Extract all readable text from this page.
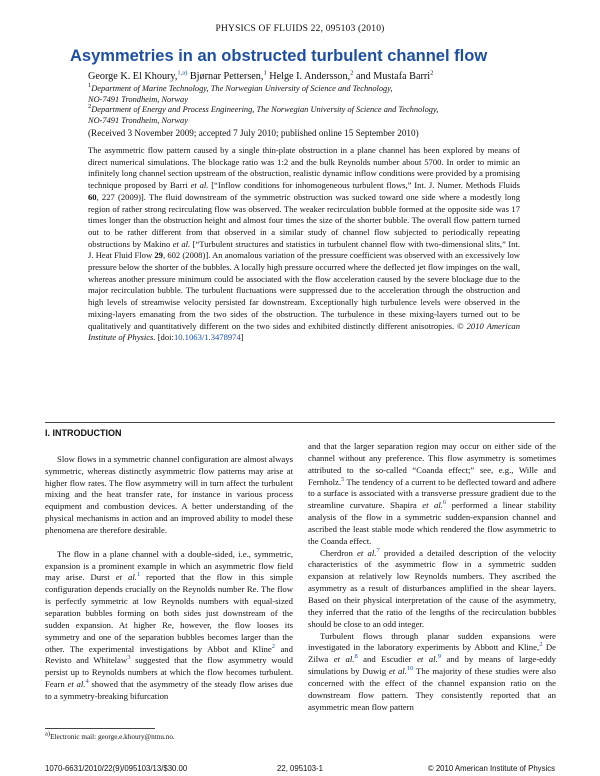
PHYSICS OF FLUIDS 22, 095103 (2010)
Asymmetries in an obstructed turbulent channel flow
George K. El Khoury,$^{1,a)}$ Bjørnar Pettersen,$^1$ Helge I. Andersson,$^2$ and Mustafa Barri$^2$
$^1$Department of Marine Technology, The Norwegian University of Science and Technology,
NO-7491 Trondheim, Norway
$^2$Department of Energy and Process Engineering, The Norwegian University of Science and Technology,
NO-7491 Trondheim, Norway
(Received 3 November 2009; accepted 7 July 2010; published online 15 September 2010)
The asymmetric flow pattern caused by a single thin-plate obstruction in a plane channel has been explored by means of direct numerical simulations. The blockage ratio was 1:2 and the bulk Reynolds number about 5700. In order to mimic an infinitely long channel section upstream of the obstruction, realistic dynamic inflow conditions were provided by a promising technique proposed by Barri et al. [“Inflow conditions for inhomogeneous turbulent flows,” Int. J. Numer. Methods Fluids 60, 227 (2009)]. The fluid downstream of the symmetric obstruction was sucked toward one side where a modestly long region of rather strong recirculating flow was observed. The weaker recirculation bubble formed at the opposite side was 17 times longer than the obstruction height and almost four times the size of the shorter bubble. The overall flow pattern turned out to be rather different from that observed in a similar study of channel flow subjected to periodically repeating obstructions by Makino et al. [“Turbulent structures and statistics in turbulent channel flow with two-dimensional slits,” Int. J. Heat Fluid Flow 29, 602 (2008)]. An anomalous variation of the pressure coefficient was observed with an excessively low pressure below the shorter of the bubbles. A locally high pressure occurred where the deflected jet flow impinges on the wall, whereas another pressure minimum could be associated with the flow acceleration caused by the severe blockage due to the major recirculation bubble. The turbulent fluctuations were suppressed due to the acceleration through the obstruction and high levels of streamwise velocity persisted far downstream. Exceptionally high turbulence levels were observed in the mixing-layers emanating from the two sides of the obstruction. The turbulence in these mixing-layers turned out to be qualitatively and quantitatively different on the two sides and exhibited distinctly different anisotropies. © 2010 American Institute of Physics. [doi:10.1063/1.3478974]
I. INTRODUCTION

Slow flows in a symmetric channel configuration are almost always symmetric, whereas distinctly asymmetric flow patterns may arise at higher flow rates. The flow asymmetry will in turn affect the turbulent mixing and the heat transfer rate, for instance in various process equipment and combustion devices. A better understanding of the physical mechanisms in action and an improved ability to model these phenomena are therefore desirable.

The flow in a plane channel with a double-sided, i.e., symmetric, expansion is a prominent example in which an asymmetric flow field may arise. Durst et al.$^1$ reported that the flow in this simple configuration depends crucially on the Reynolds number Re. The flow is perfectly symmetric at low Reynolds numbers with equal-sized separation bubbles forming on both sides just downstream of the sudden expansion. At higher Re, however, the flow looses its symmetry and one of the separation bubbles becomes larger than the other. The experimental investigations by Abbot and Kline$^2$ and Revisto and Whitelaw$^3$ suggested that the flow asymmetry would persist up to Reynolds numbers at which the flow becomes turbulent. Fearn et al.$^4$ showed that the asymmetry of the steady flow arises due to a symmetry-breaking bifurcation

and that the larger separation region may occur on either side of the channel without any preference. This flow asymmetry is sometimes attributed to the so-called “Coanda effect;” see, e.g., Wille and Fernholz.$^5$ The tendency of a current to be deflected toward and adhere to a surface is associated with a transverse pressure gradient due to the streamline curvature. Shapira et al.$^6$ performed a linear stability analysis of the flow in a symmetric sudden-expansion channel and ascribed the least stable mode which rendered the flow asymmetric to the Coanda effect.

Cherdron et al.$^7$ provided a detailed description of the velocity characteristics of the asymmetric flow in a symmetric sudden expansion at relatively low Reynolds numbers. They ascribed the asymmetry as a result of disturbances amplified in the shear layers. Based on their physical interpretation of the cause of the asymmetry, they inferred that the ratio of the lengths of the recirculation bubbles should be close to an odd integer.

Turbulent flows through planar sudden expansions were investigated in the laboratory experiments by Abbott and Kline,$^2$ De Zilwa et al.$^8$ and Escudier et al.$^9$ and by means of large-eddy simulations by Duwig et al.$^{10}$ The majority of these studies were also concerned with the effect of the channel expansion ratio on the downstream flow pattern. They consistently reported that an asymmetric mean flow pattern

a)Electronic mail: george.e.khoury@ntnu.no.
1070-6631/2010/22(9)/095103/13/$30.00	22, 095103-1	© 2010 American Institute of Physics
